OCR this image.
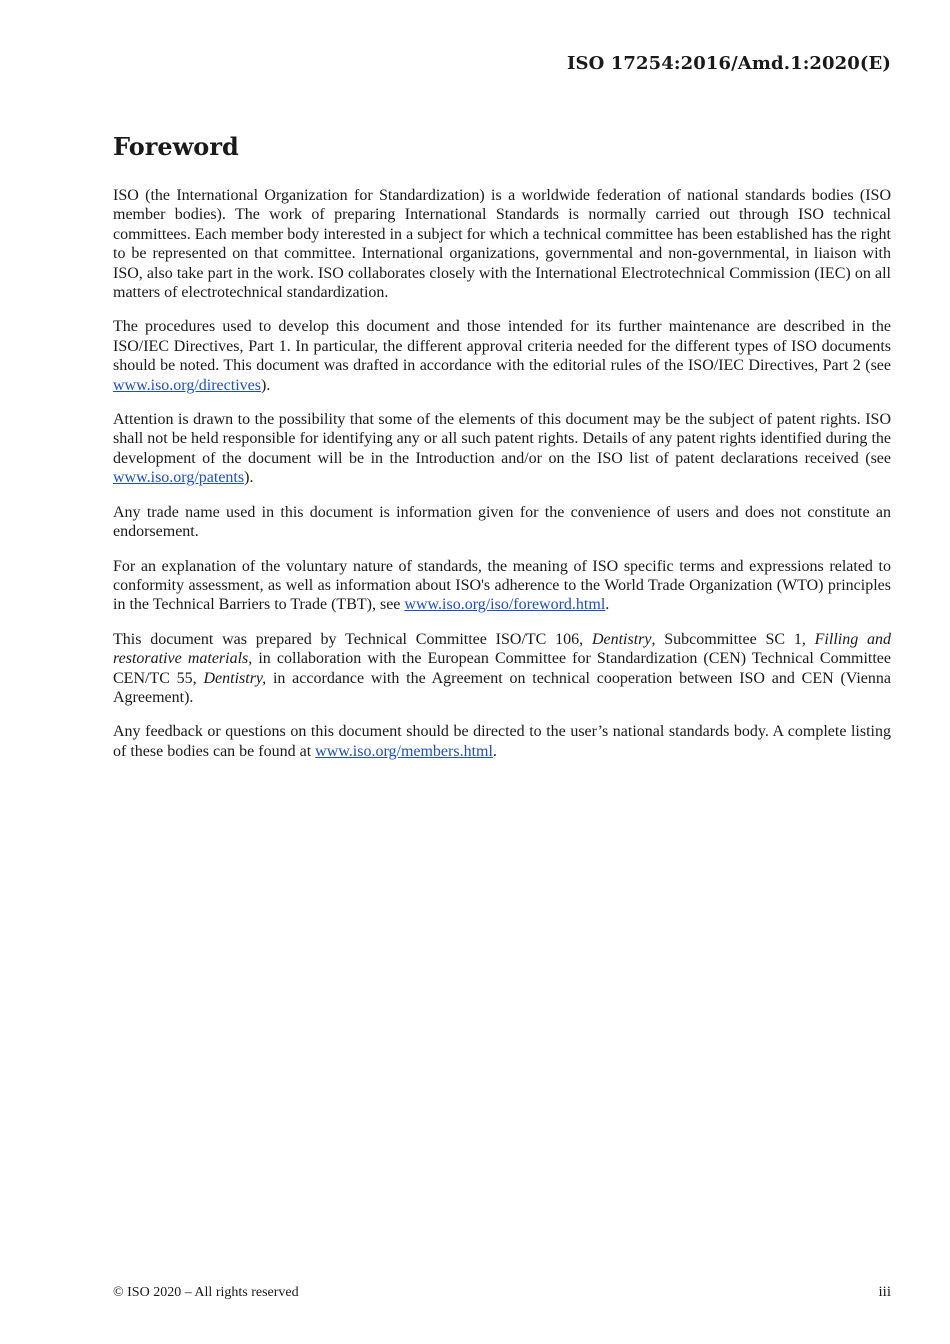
ISO 17254:2016/Amd.1:2020(E)
Foreword

ISO (the International Organization for Standardization) is a worldwide federation of national standards bodies (ISO member bodies). The work of preparing International Standards is normally carried out through ISO technical committees. Each member body interested in a subject for which a technical committee has been established has the right to be represented on that committee. International organizations, governmental and non-governmental, in liaison with ISO, also take part in the work. ISO collaborates closely with the International Electrotechnical Commission (IEC) on all matters of electrotechnical standardization.

The procedures used to develop this document and those intended for its further maintenance are described in the ISO/IEC Directives, Part 1. In particular, the different approval criteria needed for the different types of ISO documents should be noted. This document was drafted in accordance with the editorial rules of the ISO/IEC Directives, Part 2 (see www.iso.org/directives).

Attention is drawn to the possibility that some of the elements of this document may be the subject of patent rights. ISO shall not be held responsible for identifying any or all such patent rights. Details of any patent rights identified during the development of the document will be in the Introduction and/or on the ISO list of patent declarations received (see www.iso.org/patents).

Any trade name used in this document is information given for the convenience of users and does not constitute an endorsement.

For an explanation of the voluntary nature of standards, the meaning of ISO specific terms and expressions related to conformity assessment, as well as information about ISO's adherence to the World Trade Organization (WTO) principles in the Technical Barriers to Trade (TBT), see www.iso.org/iso/foreword.html.

This document was prepared by Technical Committee ISO/TC 106, Dentistry, Subcommittee SC 1, Filling and restorative materials, in collaboration with the European Committee for Standardization (CEN) Technical Committee CEN/TC 55, Dentistry, in accordance with the Agreement on technical cooperation between ISO and CEN (Vienna Agreement).

Any feedback or questions on this document should be directed to the user’s national standards body. A complete listing of these bodies can be found at www.iso.org/members.html.

© ISO 2020 – All rights reserved	iii
